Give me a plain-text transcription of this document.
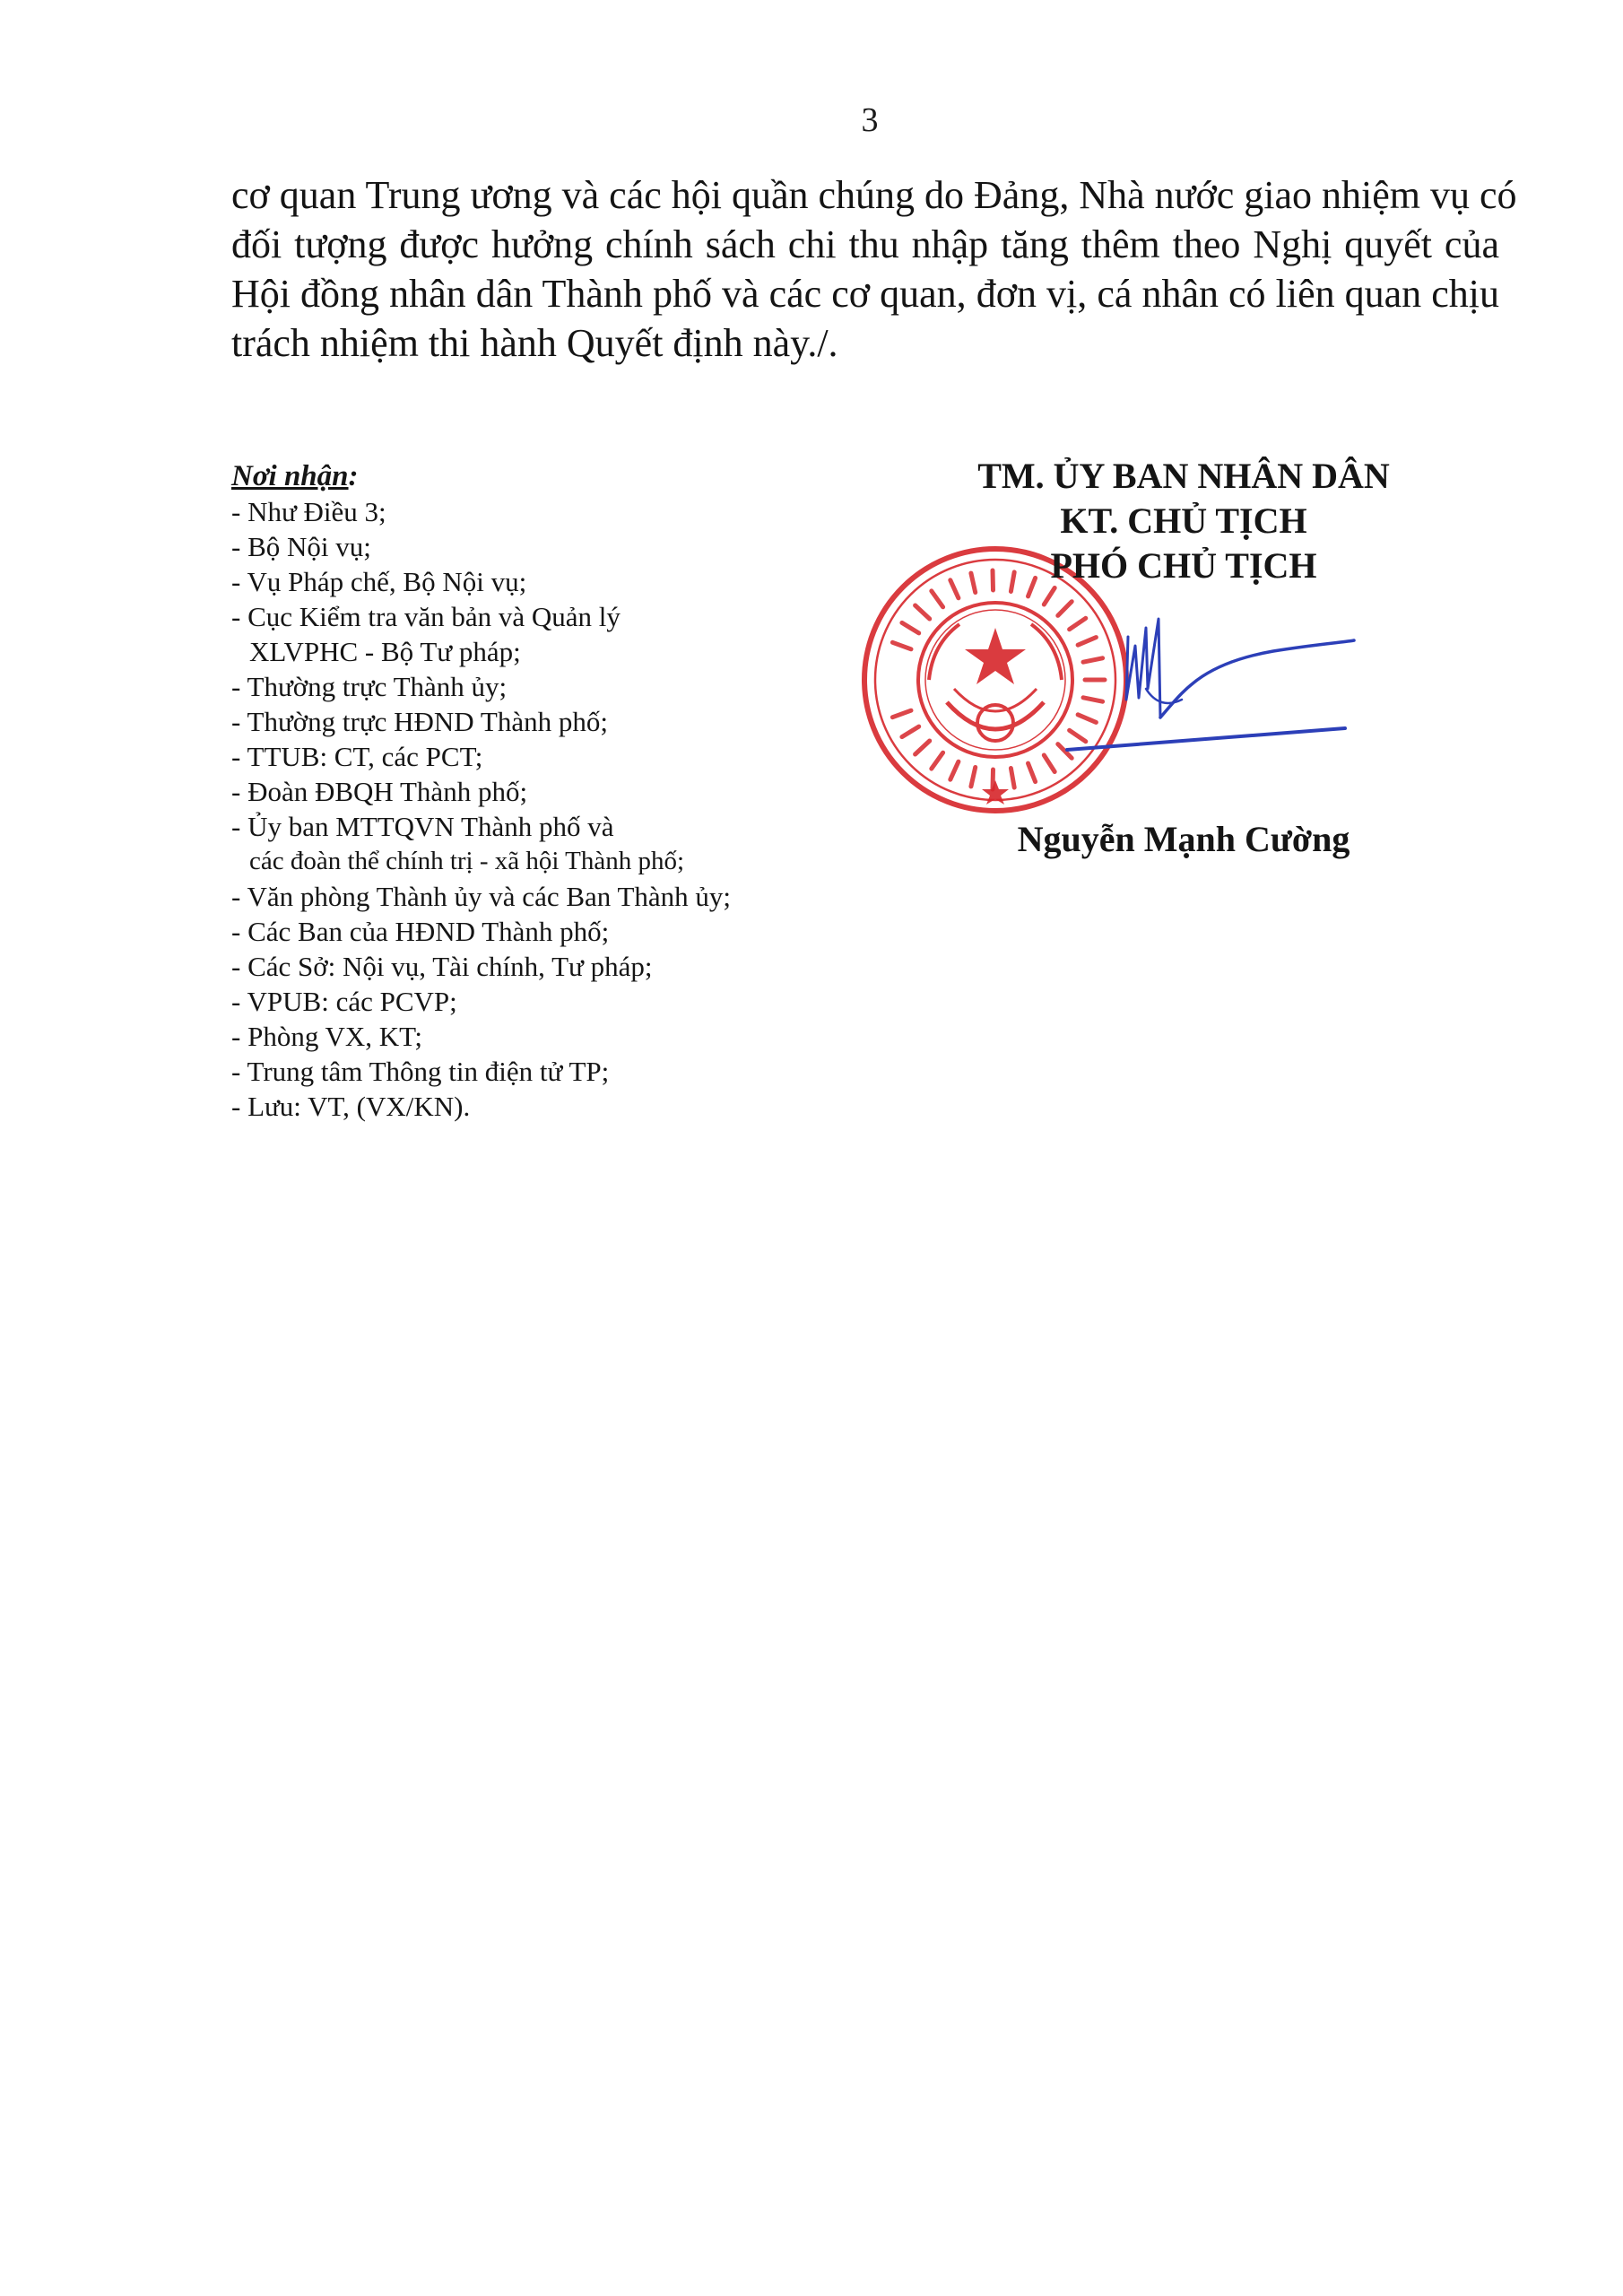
3
cơ quan Trung ương và các hội quần chúng do Đảng, Nhà nước giao nhiệm vụ có
đối tượng được hưởng chính sách chi thu nhập tăng thêm theo Nghị quyết của
Hội đồng nhân dân Thành phố và các cơ quan, đơn vị, cá nhân có liên quan chịu
trách nhiệm thi hành Quyết định này./.
Nơi nhận:
- Như Điều 3;
- Bộ Nội vụ;
- Vụ Pháp chế, Bộ Nội vụ;
- Cục Kiểm tra văn bản và Quản lý
XLVPHC - Bộ Tư pháp;
- Thường trực Thành ủy;
- Thường trực HĐND Thành phố;
- TTUB: CT, các PCT;
- Đoàn ĐBQH Thành phố;
- Ủy ban MTTQVN Thành phố và
các đoàn thể chính trị - xã hội Thành phố;
- Văn phòng Thành ủy và các Ban Thành ủy;
- Các Ban của HĐND Thành phố;
- Các Sở: Nội vụ, Tài chính, Tư pháp;
- VPUB: các PCVP;
- Phòng VX, KT;
- Trung tâm Thông tin điện tử TP;
- Lưu: VT, (VX/KN).
TM. ỦY BAN NHÂN DÂN
KT. CHỦ TỊCH
PHÓ CHỦ TỊCH
Nguyễn Mạnh Cường
